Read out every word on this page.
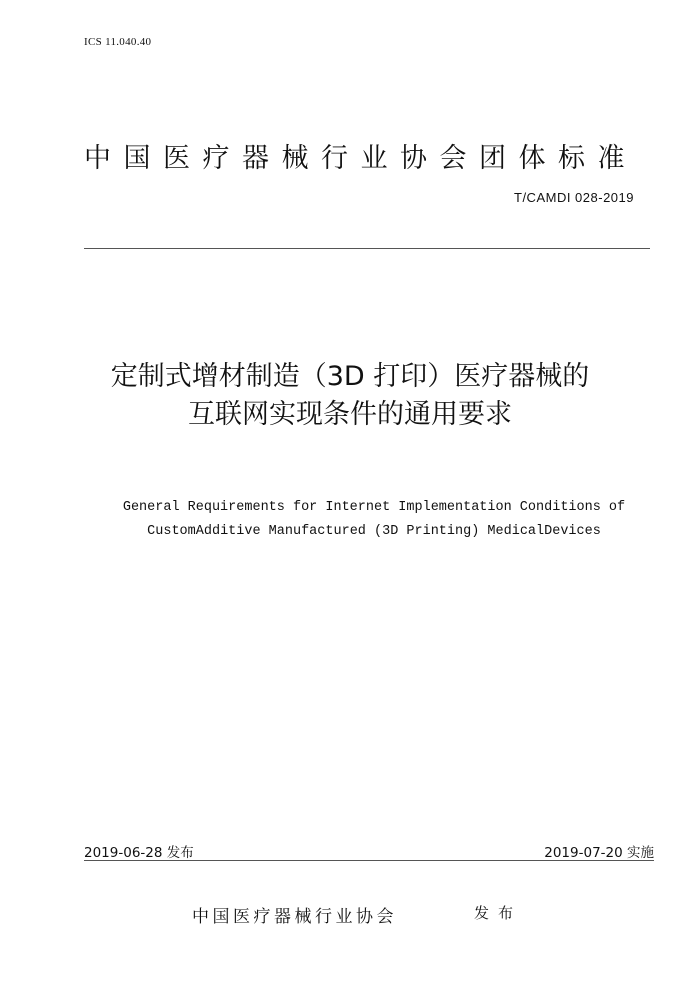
ICS 11.040.40
中国医疗器械行业协会团体标准
T/CAMDI 028-2019
定制式增材制造（3D 打印）医疗器械的
互联网实现条件的通用要求
General Requirements for Internet Implementation Conditions of
CustomAdditive Manufactured (3D Printing) MedicalDevices
2019-06-28 发布	2019-07-20 实施
中国医疗器械行业协会	发布
